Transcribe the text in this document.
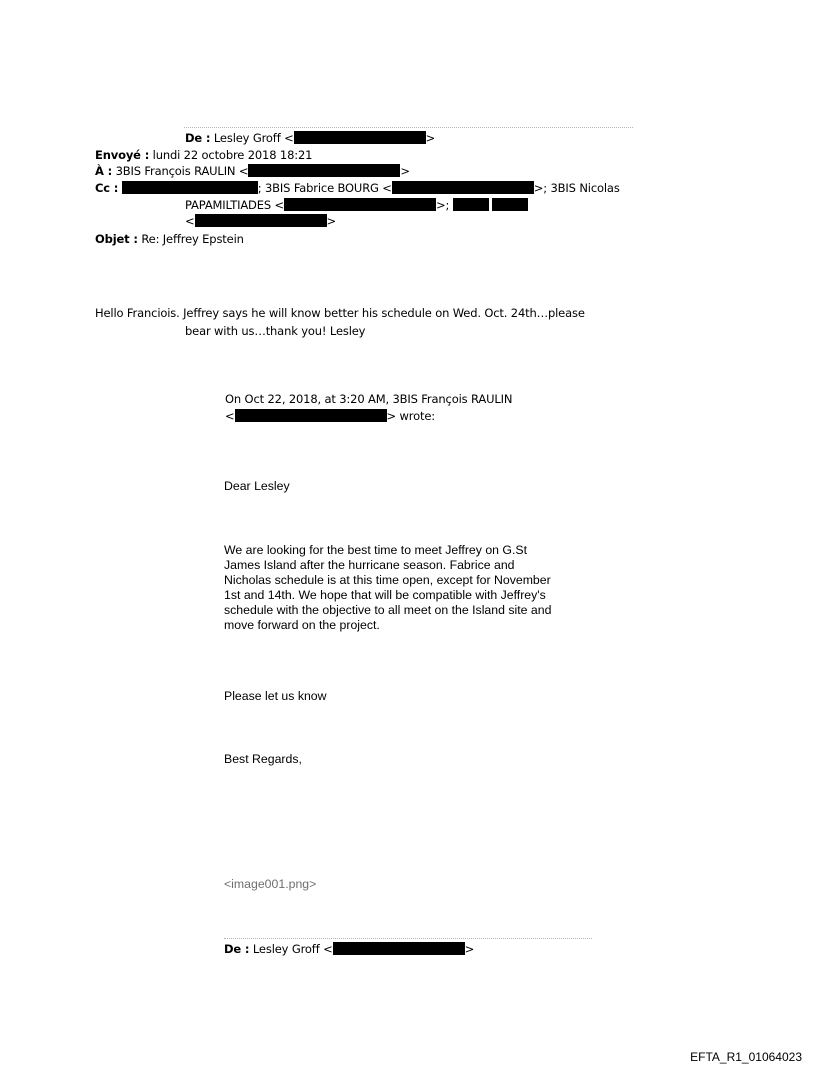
De : Lesley Groff <	>
Envoyé : lundi 22 octobre 2018 18:21
À : 3BIS François RAULIN <	>
Cc :	; 3BIS Fabrice BOURG <	>; 3BIS Nicolas
PAPAMILTIADES <	>;
<	>
Objet : Re: Jeffrey Epstein
Hello Franciois. Jeffrey says he will know better his schedule on Wed. Oct. 24th…please
bear with us…thank you! Lesley
On Oct 22, 2018, at 3:20 AM, 3BIS François RAULIN
<	> wrote:
Dear Lesley
We are looking for the best time to meet Jeffrey on G.St
James Island after the hurricane season. Fabrice and
Nicholas schedule is at this time open, except for November
1st and 14th. We hope that will be compatible with Jeffrey's
schedule with the objective to all meet on the Island site and
move forward on the project.
Please let us know
Best Regards,
<image001.png>
De : Lesley Groff <	>
EFTA_R1_01064023
